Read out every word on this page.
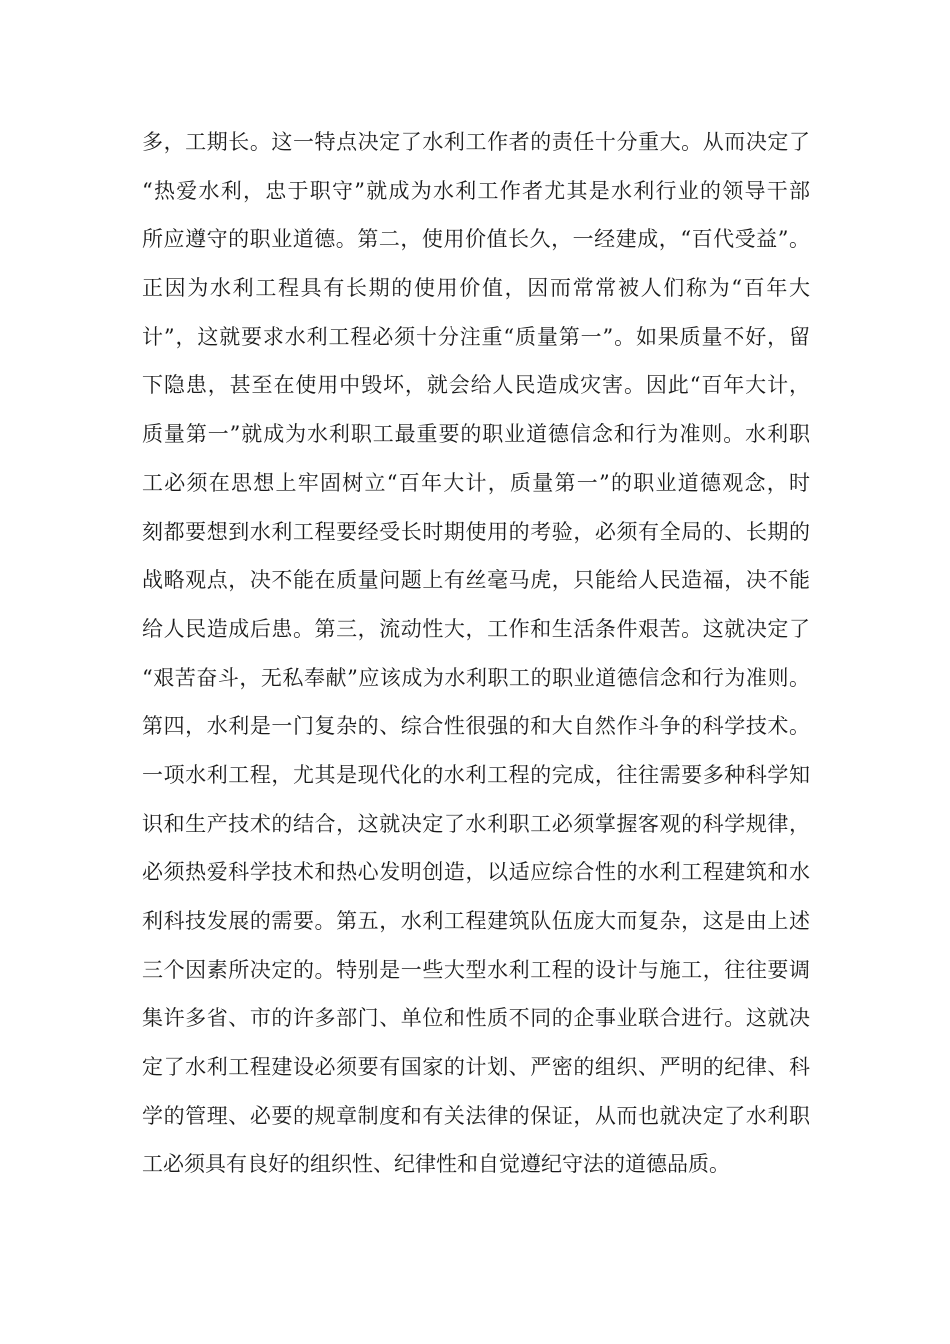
多，工期长。这一特点决定了水利工作者的责任十分重大。从而决定了
“热爱水利，忠于职守”就成为水利工作者尤其是水利行业的领导干部
所应遵守的职业道德。第二，使用价值长久，一经建成，“百代受益”。
正因为水利工程具有长期的使用价值，因而常常被人们称为“百年大
计”，这就要求水利工程必须十分注重“质量第一”。如果质量不好，留
下隐患，甚至在使用中毁坏，就会给人民造成灾害。因此“百年大计，
质量第一”就成为水利职工最重要的职业道德信念和行为准则。水利职
工必须在思想上牢固树立“百年大计，质量第一”的职业道德观念，时
刻都要想到水利工程要经受长时期使用的考验，必须有全局的、长期的
战略观点，决不能在质量问题上有丝毫马虎，只能给人民造福，决不能
给人民造成后患。第三，流动性大，工作和生活条件艰苦。这就决定了
“艰苦奋斗，无私奉献”应该成为水利职工的职业道德信念和行为准则。
第四，水利是一门复杂的、综合性很强的和大自然作斗争的科学技术。
一项水利工程，尤其是现代化的水利工程的完成，往往需要多种科学知
识和生产技术的结合，这就决定了水利职工必须掌握客观的科学规律，
必须热爱科学技术和热心发明创造，以适应综合性的水利工程建筑和水
利科技发展的需要。第五，水利工程建筑队伍庞大而复杂，这是由上述
三个因素所决定的。特别是一些大型水利工程的设计与施工，往往要调
集许多省、市的许多部门、单位和性质不同的企事业联合进行。这就决
定了水利工程建设必须要有国家的计划、严密的组织、严明的纪律、科
学的管理、必要的规章制度和有关法律的保证，从而也就决定了水利职
工必须具有良好的组织性、纪律性和自觉遵纪守法的道德品质。
